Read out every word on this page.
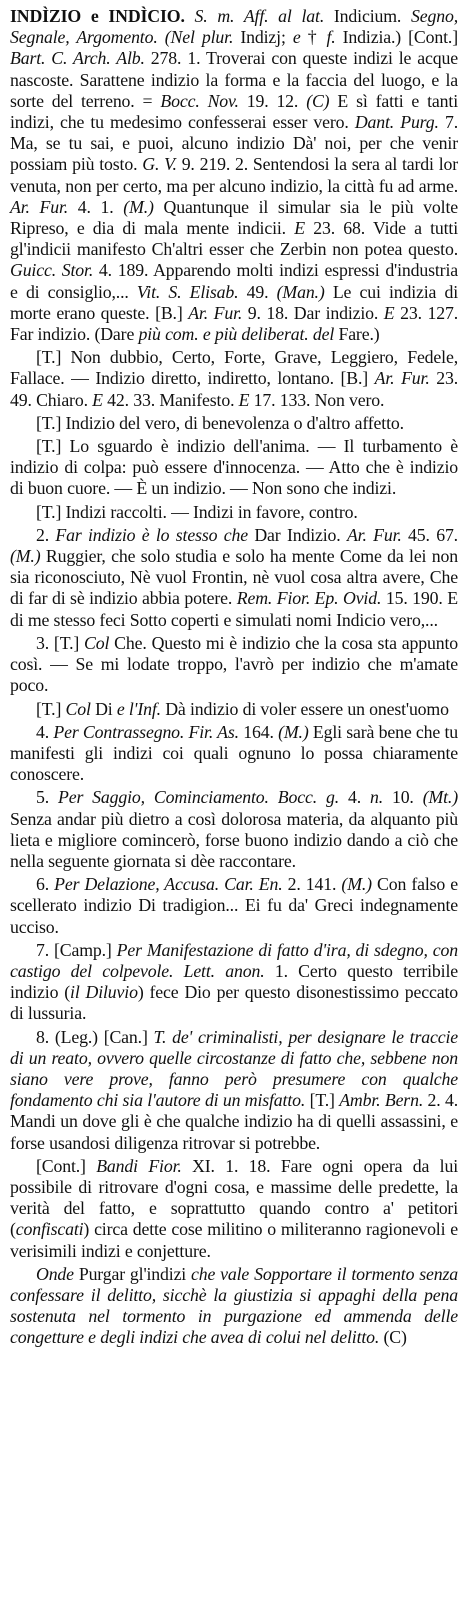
INDÌZIO e INDÌCIO. S. m. Aff. al lat. Indicium. Segno, Segnale, Argomento. (Nel plur. Indizj; e † f. Indizia.) [Cont.] Bart. C. Arch. Alb. 278. 1. Troverai con queste indizi le acque nascoste. Sarattene indizio la forma e la faccia del luogo, e la sorte del terreno. = Bocc. Nov. 19. 12. (C) E sì fatti e tanti indizi, che tu medesimo confesserai esser vero. Dant. Purg. 7. Ma, se tu sai, e puoi, alcuno indizio Dà' noi, per che venir possiam più tosto. G. V. 9. 219. 2. Sentendosi la sera al tardi lor venuta, non per certo, ma per alcuno indizio, la città fu ad arme. Ar. Fur. 4. 1. (M.) Quantunque il simular sia le più volte Ripreso, e dia di mala mente indicii. E 23. 68. Vide a tutti gl'indicii manifesto Ch'altri esser che Zerbin non potea questo. Guicc. Stor. 4. 189. Apparendo molti indizi espressi d'industria e di consiglio,... Vit. S. Elisab. 49. (Man.) Le cui indizia di morte erano queste. [B.] Ar. Fur. 9. 18. Dar indizio. E 23. 127. Far indizio. (Dare più com. e più deliberat. del Fare.)

[T.] Non dubbio, Certo, Forte, Grave, Leggiero, Fedele, Fallace. — Indizio diretto, indiretto, lontano. [B.] Ar. Fur. 23. 49. Chiaro. E 42. 33. Manifesto. E 17. 133. Non vero.

[T.] Indizio del vero, di benevolenza o d'altro affetto.

[T.] Lo sguardo è indizio dell'anima. — Il turbamento è indizio di colpa: può essere d'innocenza. — Atto che è indizio di buon cuore. — È un indizio. — Non sono che indizi.

[T.] Indizi raccolti. — Indizi in favore, contro.

2. Far indizio è lo stesso che Dar Indizio. Ar. Fur. 45. 67. (M.) Ruggier, che solo studia e solo ha mente Come da lei non sia riconosciuto, Nè vuol Frontin, nè vuol cosa altra avere, Che di far di sè indizio abbia potere. Rem. Fior. Ep. Ovid. 15. 190. E di me stesso feci Sotto coperti e simulati nomi Indicio vero,...

3. [T.] Col Che. Questo mi è indizio che la cosa sta appunto così. — Se mi lodate troppo, l'avrò per indizio che m'amate poco.

[T.] Col Di e l'Inf. Dà indizio di voler essere un onest'uomo

4. Per Contrassegno. Fir. As. 164. (M.) Egli sarà bene che tu manifesti gli indizi coi quali ognuno lo possa chiaramente conoscere.

5. Per Saggio, Cominciamento. Bocc. g. 4. n. 10. (Mt.) Senza andar più dietro a così dolorosa materia, da alquanto più lieta e migliore comincerò, forse buono indizio dando a ciò che nella seguente giornata si dèe raccontare.

6. Per Delazione, Accusa. Car. En. 2. 141. (M.) Con falso e scellerato indizio Di tradigion... Ei fu da' Greci indegnamente ucciso.

7. [Camp.] Per Manifestazione di fatto d'ira, di sdegno, con castigo del colpevole. Lett. anon. 1. Certo questo terribile indizio (il Diluvio) fece Dio per questo disonestissimo peccato di lussuria.

8. (Leg.) [Can.] T. de' criminalisti, per designare le traccie di un reato, ovvero quelle circostanze di fatto che, sebbene non siano vere prove, fanno però presumere con qualche fondamento chi sia l'autore di un misfatto. [T.] Ambr. Bern. 2. 4. Mandi un dove gli è che qualche indizio ha di quelli assassini, e forse usandosi diligenza ritrovar si potrebbe.

[Cont.] Bandi Fior. XI. 1. 18. Fare ogni opera da lui possibile di ritrovare d'ogni cosa, e massime delle predette, la verità del fatto, e soprattutto quando contro a' petitori (confiscati) circa dette cose militino o militeranno ragionevoli e verisimili indizi e conjetture.

Onde Purgar gl'indizi che vale Sopportare il tormento senza confessare il delitto, sicchè la giustizia si appaghi della pena sostenuta nel tormento in purgazione ed ammenda delle congetture e degli indizi che avea di colui nel delitto. (C)
